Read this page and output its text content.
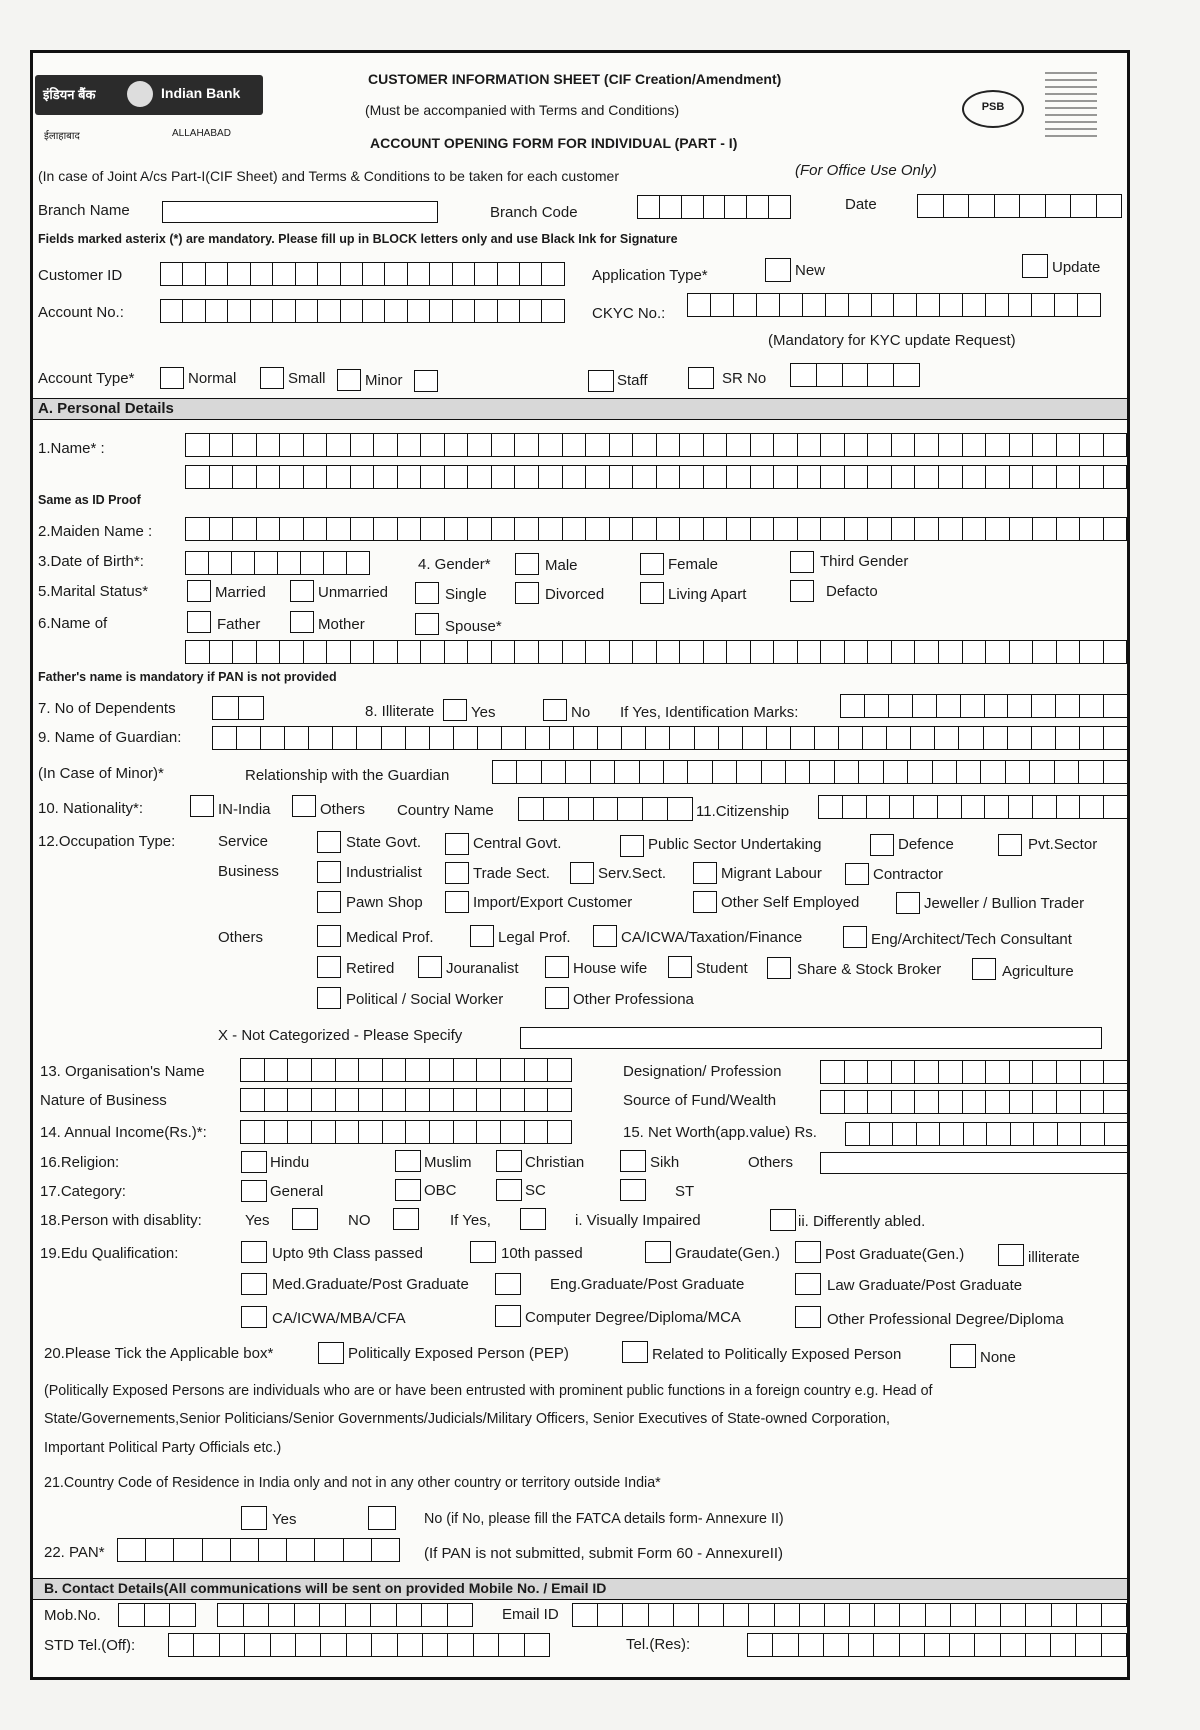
इंडियन बैंक	Indian Bank
ईलाहाबाद	ALLAHABAD
PSB
CUSTOMER INFORMATION SHEET (CIF Creation/Amendment)
(Must be accompanied with Terms and Conditions)
ACCOUNT OPENING FORM FOR INDIVIDUAL (PART - I)
(In case of Joint A/cs Part-I(CIF Sheet) and Terms & Conditions to be taken for each customer	(For Office Use Only)
Branch Name	Branch Code	Date
Fields marked asterix (*) are mandatory. Please fill up in BLOCK letters only and use Black Ink for Signature
Customer ID	Application Type*	New	Update
Account No.:	CKYC No.:
(Mandatory for KYC update Request)
Account Type*	Normal	Small	Minor	Staff	SR No
A. Personal Details
1.Name* :
Same as ID Proof
2.Maiden Name :
3.Date of Birth*:	4. Gender*	Male	Female	Third Gender
5.Marital Status*	Married	Unmarried	Single	Divorced	Living Apart	Defacto
6.Name of	Father	Mother	Spouse*
Father's name is mandatory if PAN is not provided
7. No of Dependents	8. Illiterate Yes	No If Yes, Identification Marks:
9. Name of Guardian:
(In Case of Minor)*	Relationship with the Guardian
10. Nationality*:	IN-India	Others Country Name	11.Citizenship
12.Occupation Type:	Service	State Govt.	Central Govt.	Public Sector Undertaking	Defence	Pvt.Sector
Business	Industrialist	Trade Sect.	Serv.Sect.	Migrant Labour	Contractor
Pawn Shop	Import/Export Customer	Other Self Employed	Jeweller / Bullion Trader
Others	Medical Prof.	Legal Prof.	CA/ICWA/Taxation/Finance	Eng/Architect/Tech Consultant
Retired	Jouranalist	House wife	Student	Share & Stock Broker	Agriculture
Political / Social Worker	Other Professiona
X - Not Categorized - Please Specify
13. Organisation's Name	Designation/ Profession
Nature of Business	Source of Fund/Wealth
14. Annual Income(Rs.)*:	15. Net Worth(app.value) Rs.
16.Religion:	Hindu	Muslim	Christian	Sikh	Others
17.Category:	General	OBC	SC	ST
18.Person with disablity:	Yes	NO	If Yes,	i. Visually Impaired	ii. Differently abled.
19.Edu Qualification:	Upto 9th Class passed	10th passed	Graudate(Gen.)	Post Graduate(Gen.)	illiterate
Med.Graduate/Post Graduate	Eng.Graduate/Post Graduate	Law Graduate/Post Graduate
CA/ICWA/MBA/CFA	Computer Degree/Diploma/MCA	Other Professional Degree/Diploma
20.Please Tick the Applicable box*	Politically Exposed Person (PEP)	Related to Politically Exposed Person	None
(Politically Exposed Persons are individuals who are or have been entrusted with prominent public functions in a foreign country e.g. Head of
State/Governements,Senior Politicians/Senior Governments/Judicials/Military Officers, Senior Executives of State-owned Corporation,
Important Political Party Officials etc.)
21.Country Code of Residence in India only and not in any other country or territory outside India*
Yes	No (if No, please fill the FATCA details form- Annexure II)
22. PAN*	(If PAN is not submitted, submit Form 60 - AnnexureII)
B. Contact Details(All communications will be sent on provided Mobile No. / Email ID
Mob.No.	Email ID
STD Tel.(Off):	Tel.(Res):
